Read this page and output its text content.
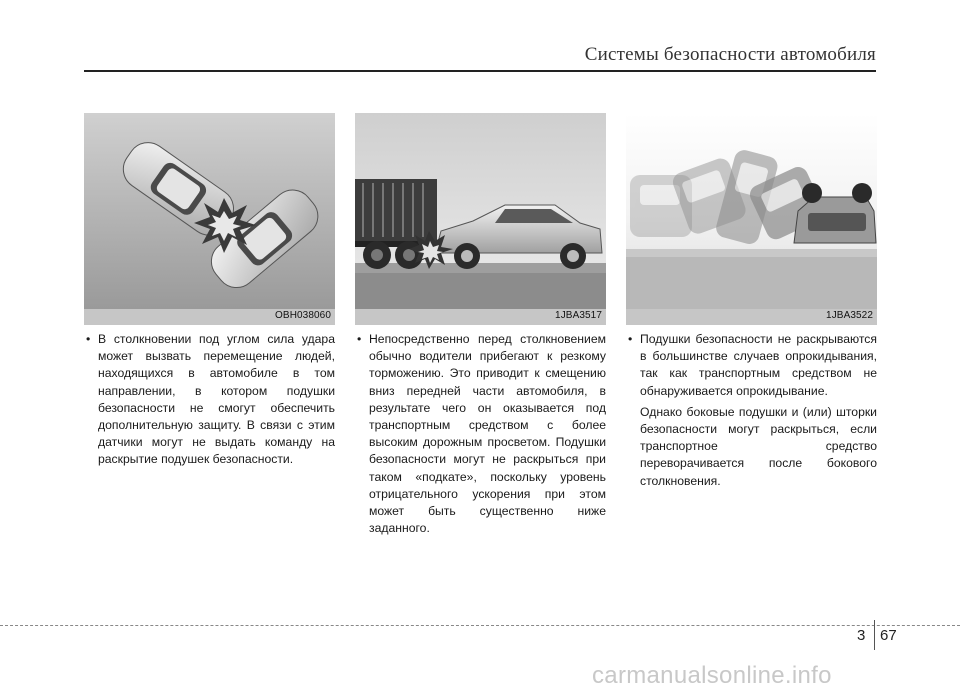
Системы безопасности автомобиля
OBH038060
• В столкновении под углом сила удара может вызвать перемещение людей, находящихся в автомобиле в том направлении, в котором подушки безопасности не смогут обеспечить дополнительную защиту. В связи с этим датчики могут не выдать команду на раскрытие подушек безопасности.
1JBA3517
• Непосредственно перед столкновением обычно водители прибегают к резкому торможению. Это приводит к смещению вниз передней части автомобиля, в результате чего он оказывается под транспортным средством с более высоким дорожным просветом. Подушки безопасности могут не раскрыться при таком «подкате», поскольку уровень отрицательного ускорения при этом может быть существенно ниже заданного.
1JBA3522
• Подушки безопасности не раскрываются в большинстве случаев опрокидывания, так как транспортным средством не обнаруживается опрокидывание.
Однако боковые подушки и (или) шторки безопасности могут раскрыться, если транспортное средство переворачивается после бокового столкновения.
3 67
carmanualsonline.info
